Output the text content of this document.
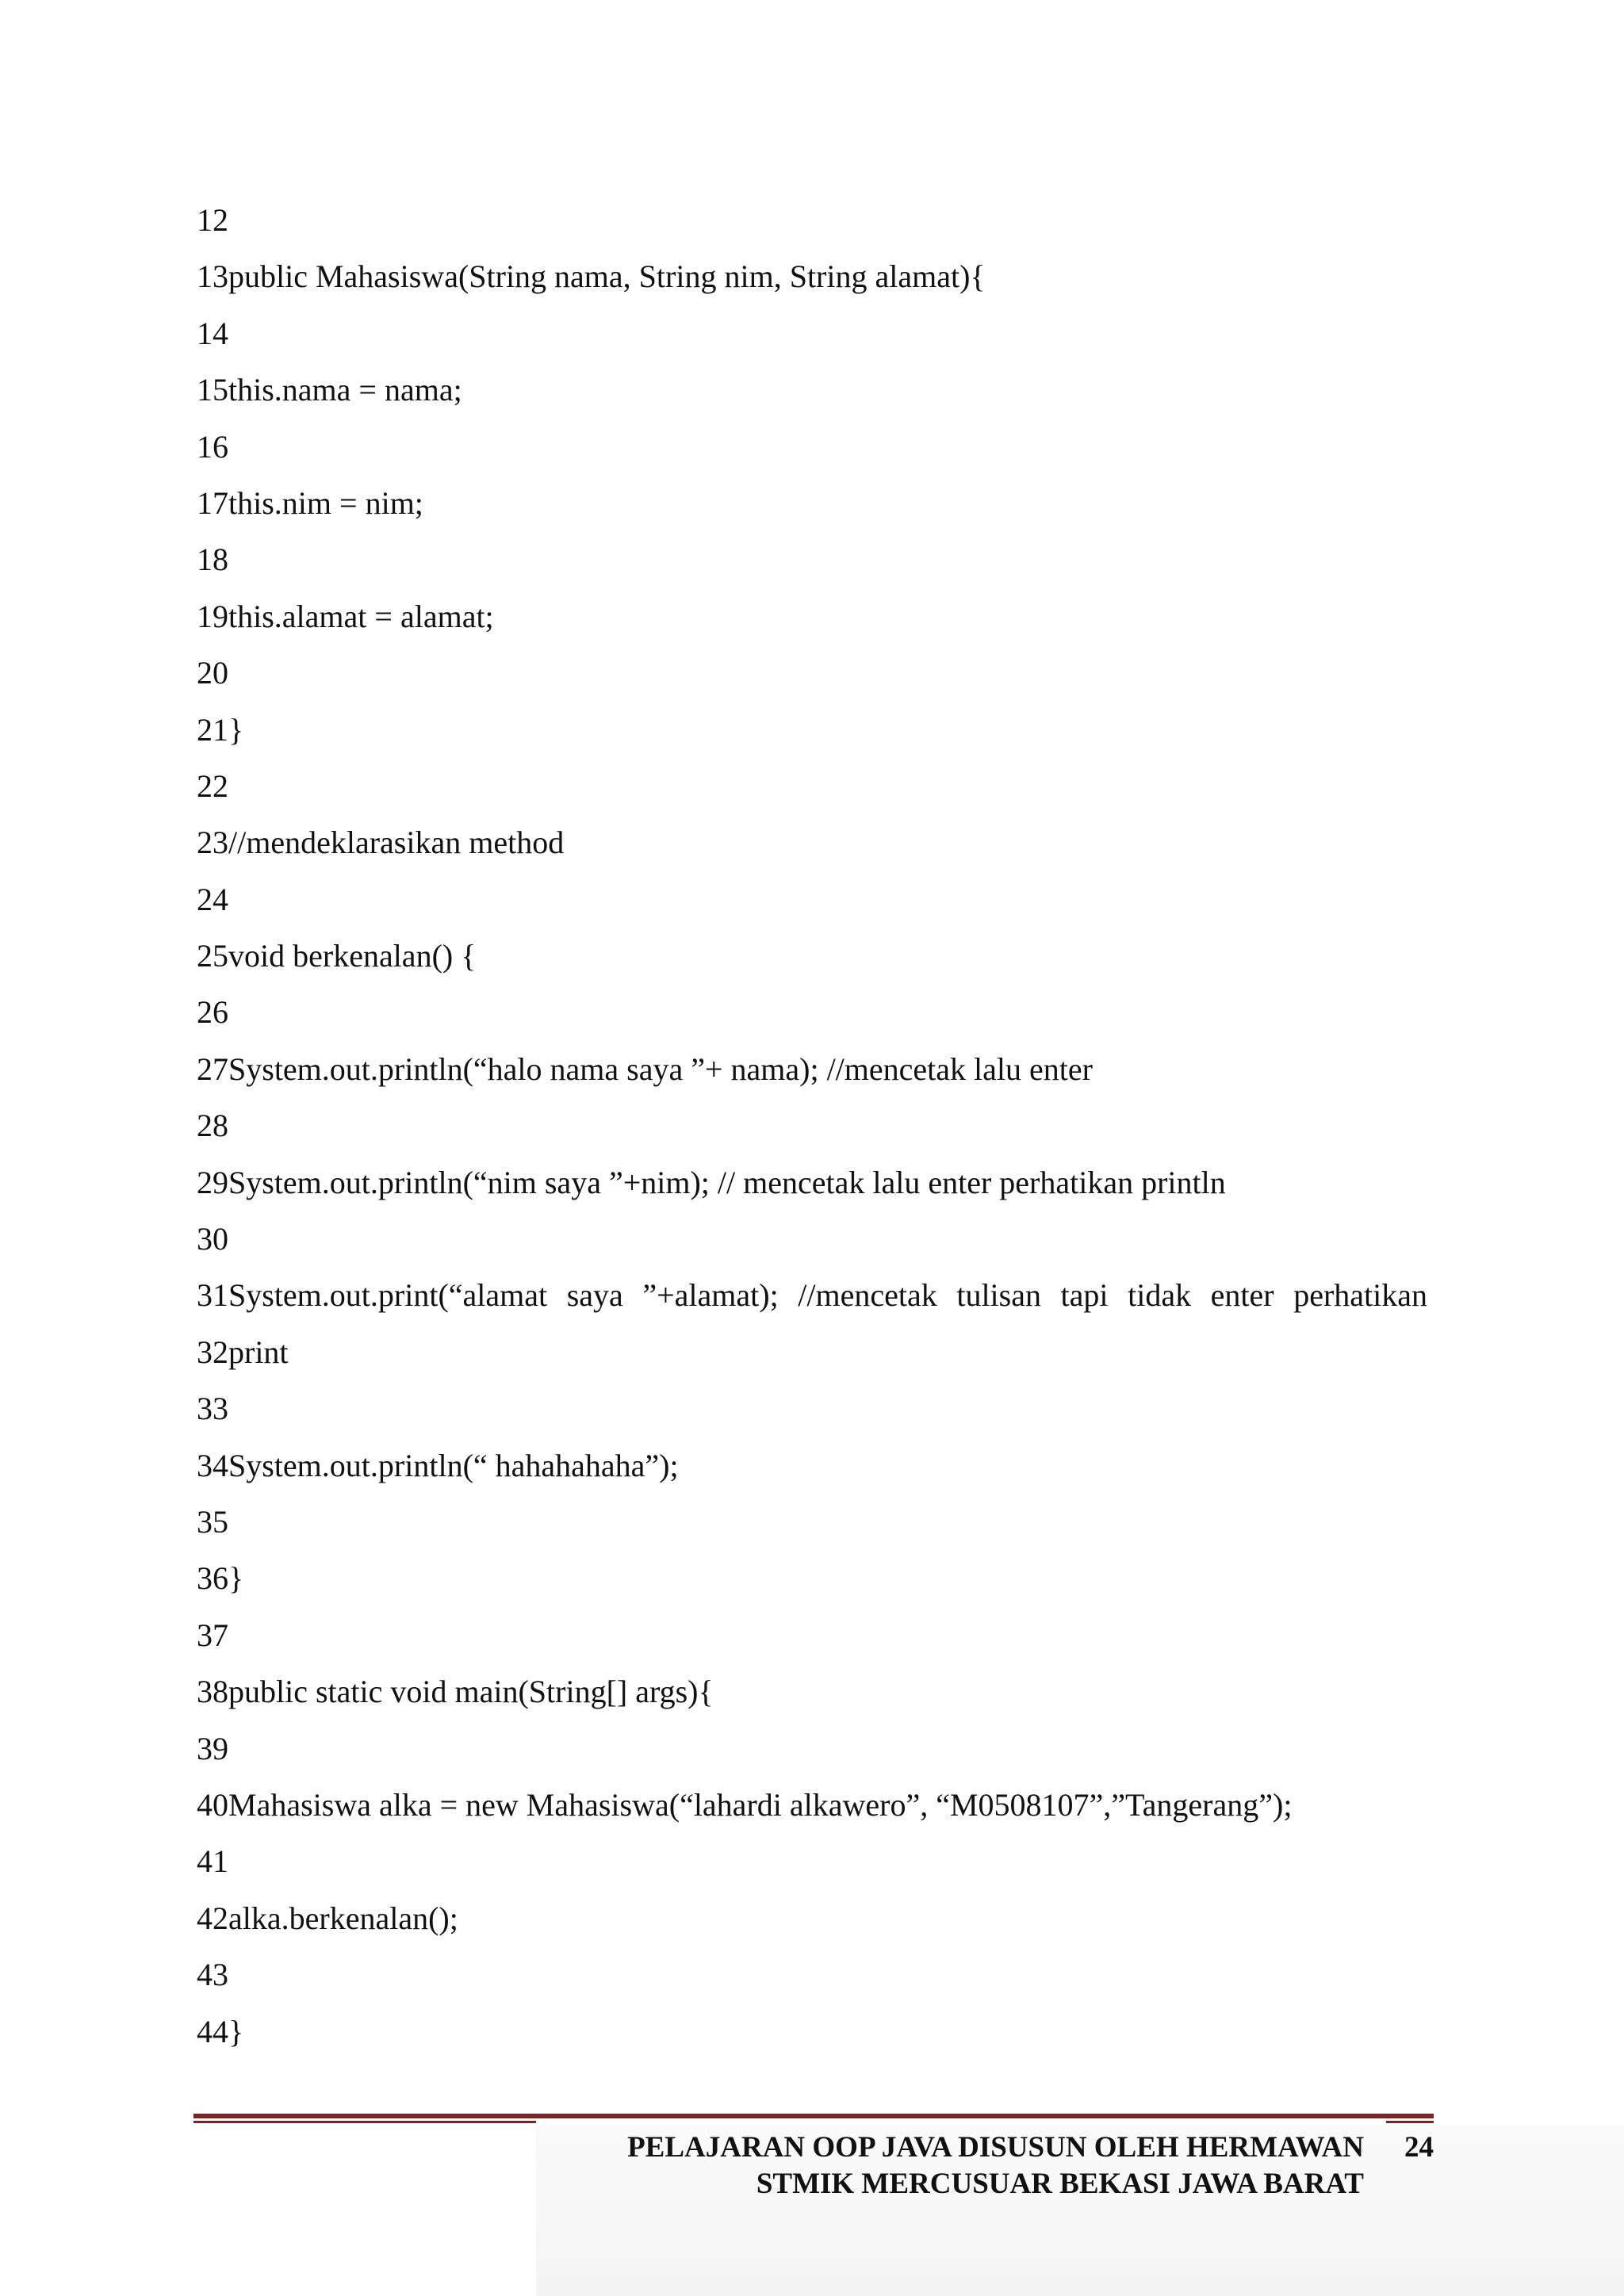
12
13public Mahasiswa(String nama, String nim, String alamat){
14
15this.nama = nama;
16
17this.nim = nim;
18
19this.alamat = alamat;
20
21}
22
23//mendeklarasikan method
24
25void berkenalan() {
26
27System.out.println(“halo nama saya ”+ nama); //mencetak lalu enter
28
29System.out.println(“nim saya ”+nim); // mencetak lalu enter perhatikan println
30
31System.out.print(“alamat saya ”+alamat); //mencetak tulisan tapi tidak enter perhatikan
32print
33
34System.out.println(“ hahahahaha”);
35
36}
37
38public static void main(String[] args){
39
40Mahasiswa alka = new Mahasiswa(“lahardi alkawero”, “M0508107”,”Tangerang”);
41
42alka.berkenalan();
43
44}
PELAJARAN OOP JAVA DISUSUN OLEH HERMAWAN
STMIK MERCUSUAR BEKASI JAWA BARAT
24
